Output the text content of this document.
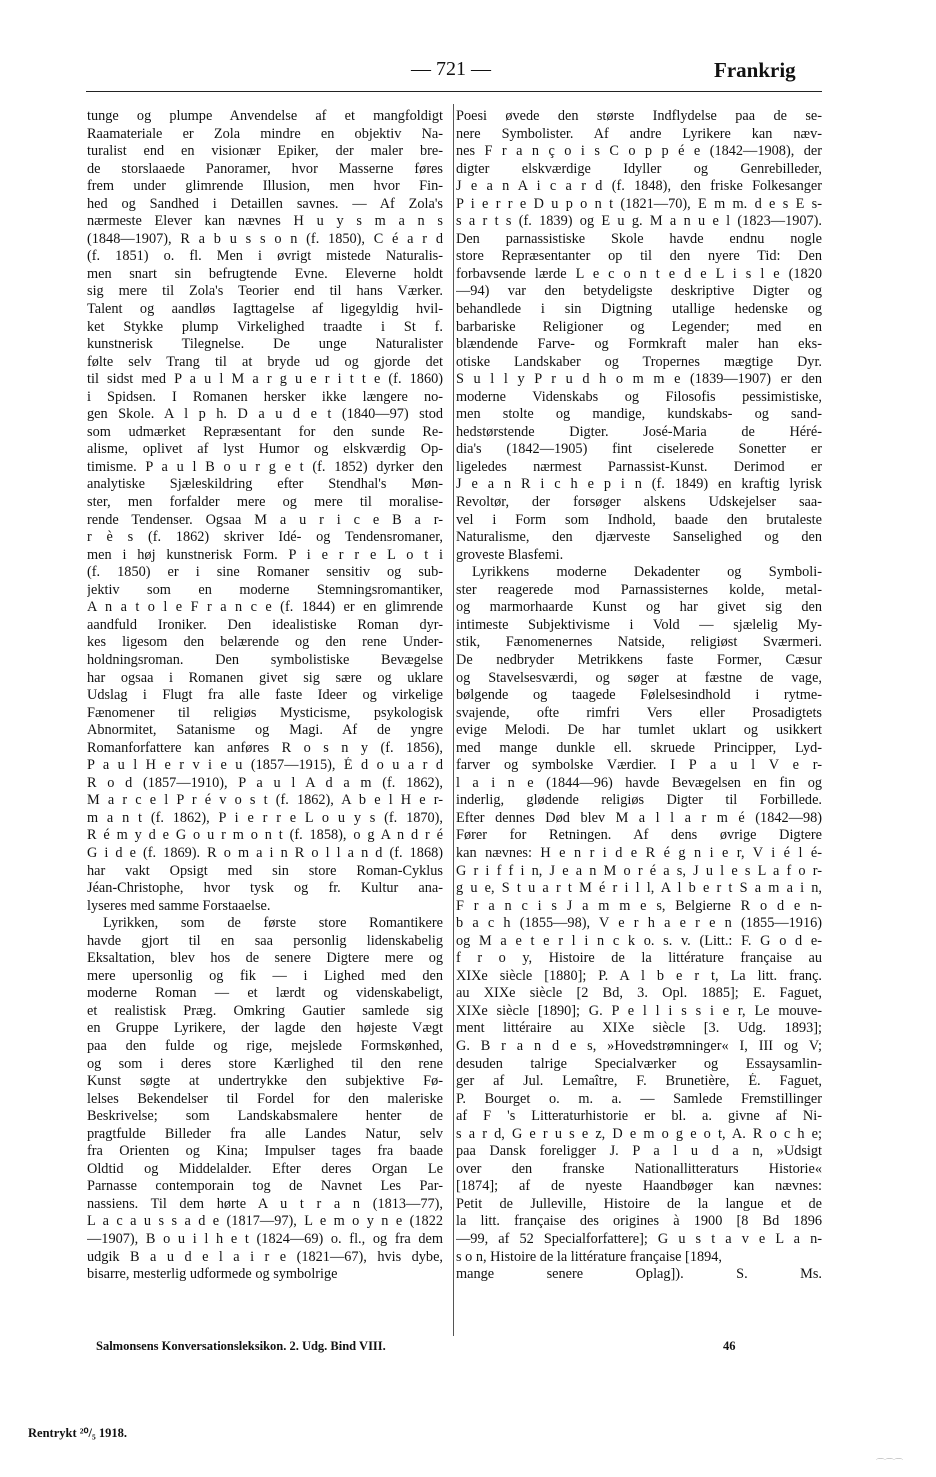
— 721 —	Frankrig
tunge og plumpe Anvendelse af et mangfoldigt
Raamateriale er Zola mindre en objektiv Na-
turalist end en visionær Epiker, der maler bre-
de storslaaede Panoramer, hvor Masserne føres
frem under glimrende Illusion, men hvor Fin-
hed og Sandhed i Detaillen savnes. — Af Zola's
nærmeste Elever kan nævnes H u y s m a n s
(1848—1907), R a b u s s o n (f. 1850), C é a r d
(f. 1851) o. fl. Men i øvrigt mistede Naturalis-
men snart sin befrugtende Evne. Eleverne holdt
sig mere til Zola's Teorier end til hans Værker.
Talent og aandløs Iagttagelse af ligegyldig hvil-
ket Stykke plump Virkelighed traadte i St f.
kunstnerisk Tilegnelse. De unge Naturalister
følte selv Trang til at bryde ud og gjorde det
til sidst med P a u l M a r g u e r i t t e (f. 1860)
i Spidsen. I Romanen hersker ikke længere no-
gen Skole. A l p h. D a u d e t (1840—97) stod
som udmærket Repræsentant for den sunde Re-
alisme, oplivet af lyst Humor og elskværdig Op-
timisme. P a u l B o u r g e t (f. 1852) dyrker den
analytiske Sjæleskildring efter Stendhal's Møn-
ster, men forfalder mere og mere til moralise-
rende Tendenser. Ogsaa M a u r i c e B a r-
r è s (f. 1862) skriver Idé- og Tendensromaner,
men i høj kunstnerisk Form. P i e r r e L o t i
(f. 1850) er i sine Romaner sensitiv og sub-
jektiv som en moderne Stemningsromantiker,
A n a t o l e F r a n c e (f. 1844) er en glimrende
aandfuld Ironiker. Den idealistiske Roman dyr-
kes ligesom den belærende og den rene Under-
holdningsroman. Den symbolistiske Bevægelse
har ogsaa i Romanen givet sig sære og uklare
Udslag i Flugt fra alle faste Ideer og virkelige
Fænomener til religiøs Mysticisme, psykologisk
Abnormitet, Satanisme og Magi. Af de yngre
Romanforfattere kan anføres R o s n y (f. 1856),
P a u l H e r v i e u (1857—1915), É d o u a r d
R o d (1857—1910), P a u l A d a m (f. 1862),
M a r c e l P r é v o s t (f. 1862), A b e l H e r-
m a n t (f. 1862), P i e r r e L o u y s (f. 1870),
R é m y d e G o u r m o n t (f. 1858), o g A n d r é
G i d e (f. 1869). R o m a i n R o l l a n d (f. 1868)
har vakt Opsigt med sin store Roman-Cyklus
Jéan-Christophe, hvor tysk og fr. Kultur ana-
lyseres med samme Forstaaelse.
Lyrikken, som de første store Romantikere
havde gjort til en saa personlig lidenskabelig
Eksaltation, blev hos de senere Digtere mere og
mere upersonlig og fik — i Lighed med den
moderne Roman — et lærdt og videnskabeligt,
et realistisk Præg. Omkring Gautier samlede sig
en Gruppe Lyrikere, der lagde den højeste Vægt
paa den fulde og rige, mejslede Formskønhed,
og som i deres store Kærlighed til den rene
Kunst søgte at undertrykke den subjektive Fø-
lelses Bekendelser til Fordel for den maleriske
Beskrivelse; som Landskabsmalere henter de
pragtfulde Billeder fra alle Landes Natur, selv
fra Orienten og Kina; Impulser tages fra baade
Oldtid og Middelalder. Efter deres Organ Le
Parnasse contemporain tog de Navnet Les Par-
nassiens. Til dem hørte A u t r a n (1813—77),
L a c a u s s a d e (1817—97), L e m o y n e (1822
—1907), B o u i l h e t (1824—69) o. fl., og fra dem
udgik B a u d e l a i r e (1821—67), hvis dybe,
bisarre, mesterlig udformede og symbolrige
Poesi øvede den største Indflydelse paa de se-
nere Symbolister. Af andre Lyrikere kan næv-
nes F r a n ç o i s C o p p é e (1842—1908), der
digter elskværdige Idyller og Genrebilleder,
J e a n A i c a r d (f. 1848), den friske Folkesanger
P i e r r e D u p o n t (1821—70), E m m. d e s E s-
s a r t s (f. 1839) og E u g. M a n u e l (1823—1907).
Den parnassistiske Skole havde endnu nogle
store Repræsentanter op til den nyere Tid: Den
forbavsende lærde L e c o n t e d e L i s l e (1820
—94) var den betydeligste deskriptive Digter og
behandlede i sin Digtning utallige hedenske og
barbariske Religioner og Legender; med en
blændende Farve- og Formkraft maler han eks-
otiske Landskaber og Tropernes mægtige Dyr.
S u l l y P r u d h o m m e (1839—1907) er den
moderne Videnskabs og Filosofis pessimistiske,
men stolte og mandige, kundskabs- og sand-
hedstørstende Digter. José-Maria de Héré-
dia's (1842—1905) fint ciselerede Sonetter er
ligeledes nærmest Parnassist-Kunst. Derimod er
J e a n R i c h e p i n (f. 1849) en kraftig lyrisk
Revoltør, der forsøger alskens Udskejelser saa-
vel i Form som Indhold, baade den brutaleste
Naturalisme, den djærveste Sanselighed og den
groveste Blasfemi.
Lyrikkens moderne Dekadenter og Symboli-
ster reagerede mod Parnassisternes kolde, metal-
og marmorhaarde Kunst og har givet sig den
intimeste Subjektivisme i Vold — sjælelig My-
stik, Fænomenernes Natside, religiøst Sværmeri.
De nedbryder Metrikkens faste Former, Cæsur
og Stavelsesværdi, og søger at fæstne de vage,
bølgende og taagede Følelsesindhold i rytme-
svajende, ofte rimfri Vers eller Prosadigtets
evige Melodi. De har tumlet uklart og usikkert
med mange dunkle ell. skruede Principper, Lyd-
farver og symbolske Værdier. I P a u l V e r-
l a i n e (1844—96) havde Bevægelsen en fin og
inderlig, glødende religiøs Digter til Forbillede.
Efter dennes Død blev M a l l a r m é (1842—98)
Fører for Retningen. Af dens øvrige Digtere
kan nævnes: H e n r i d e R é g n i e r, V i é l é-
G r i f f i n, J e a n M o r é a s, J u l e s L a f o r-
g u e, S t u a r t M é r i l l, A l b e r t S a m a i n,
F r a n c i s J a m m e s, Belgierne R o d e n-
b a c h (1855—98), V e r h a e r e n (1855—1916)
og M a e t e r l i n c k o. s. v. (Litt.: F. G o d e-
f r o y, Histoire de la littérature française au
XIXe siècle [1880]; P. A l b e r t, La litt. franç.
au XIXe siècle [2 Bd, 3. Opl. 1885]; E. Faguet,
XIXe siècle [1890]; G. P e l l i s s i e r, Le mouve-
ment littéraire au XIXe siècle [3. Udg. 1893];
G. B r a n d e s, »Hovedstrømninger« I, III og V;
desuden talrige Specialværker og Essaysamlin-
ger af Jul. Lemaître, F. Brunetière, É. Faguet,
P. Bourget o. m. a. — Samlede Fremstillinger
af F 's Litteraturhistorie er bl. a. givne af Ni-
s a r d, G e r u s e z, D e m o g e o t, A. R o c h e;
paa Dansk foreligger J. P a l u d a n, »Udsigt
over den franske Nationallitteraturs Historie«
[1874]; af de nyeste Haandbøger kan nævnes:
Petit de Julleville, Histoire de la langue et de
la litt. française des origines à 1900 [8 Bd 1896
—99, af 52 Specialforfattere]; G u s t a v e L a n-
s o n, Histoire de la littérature française [1894,
mange senere Oplag]). S. Ms.
Salmonsens Konversationsleksikon. 2. Udg. Bind VIII.	46
Rentrykt ²⁰/₅ 1918.
⌒⌒⌒
